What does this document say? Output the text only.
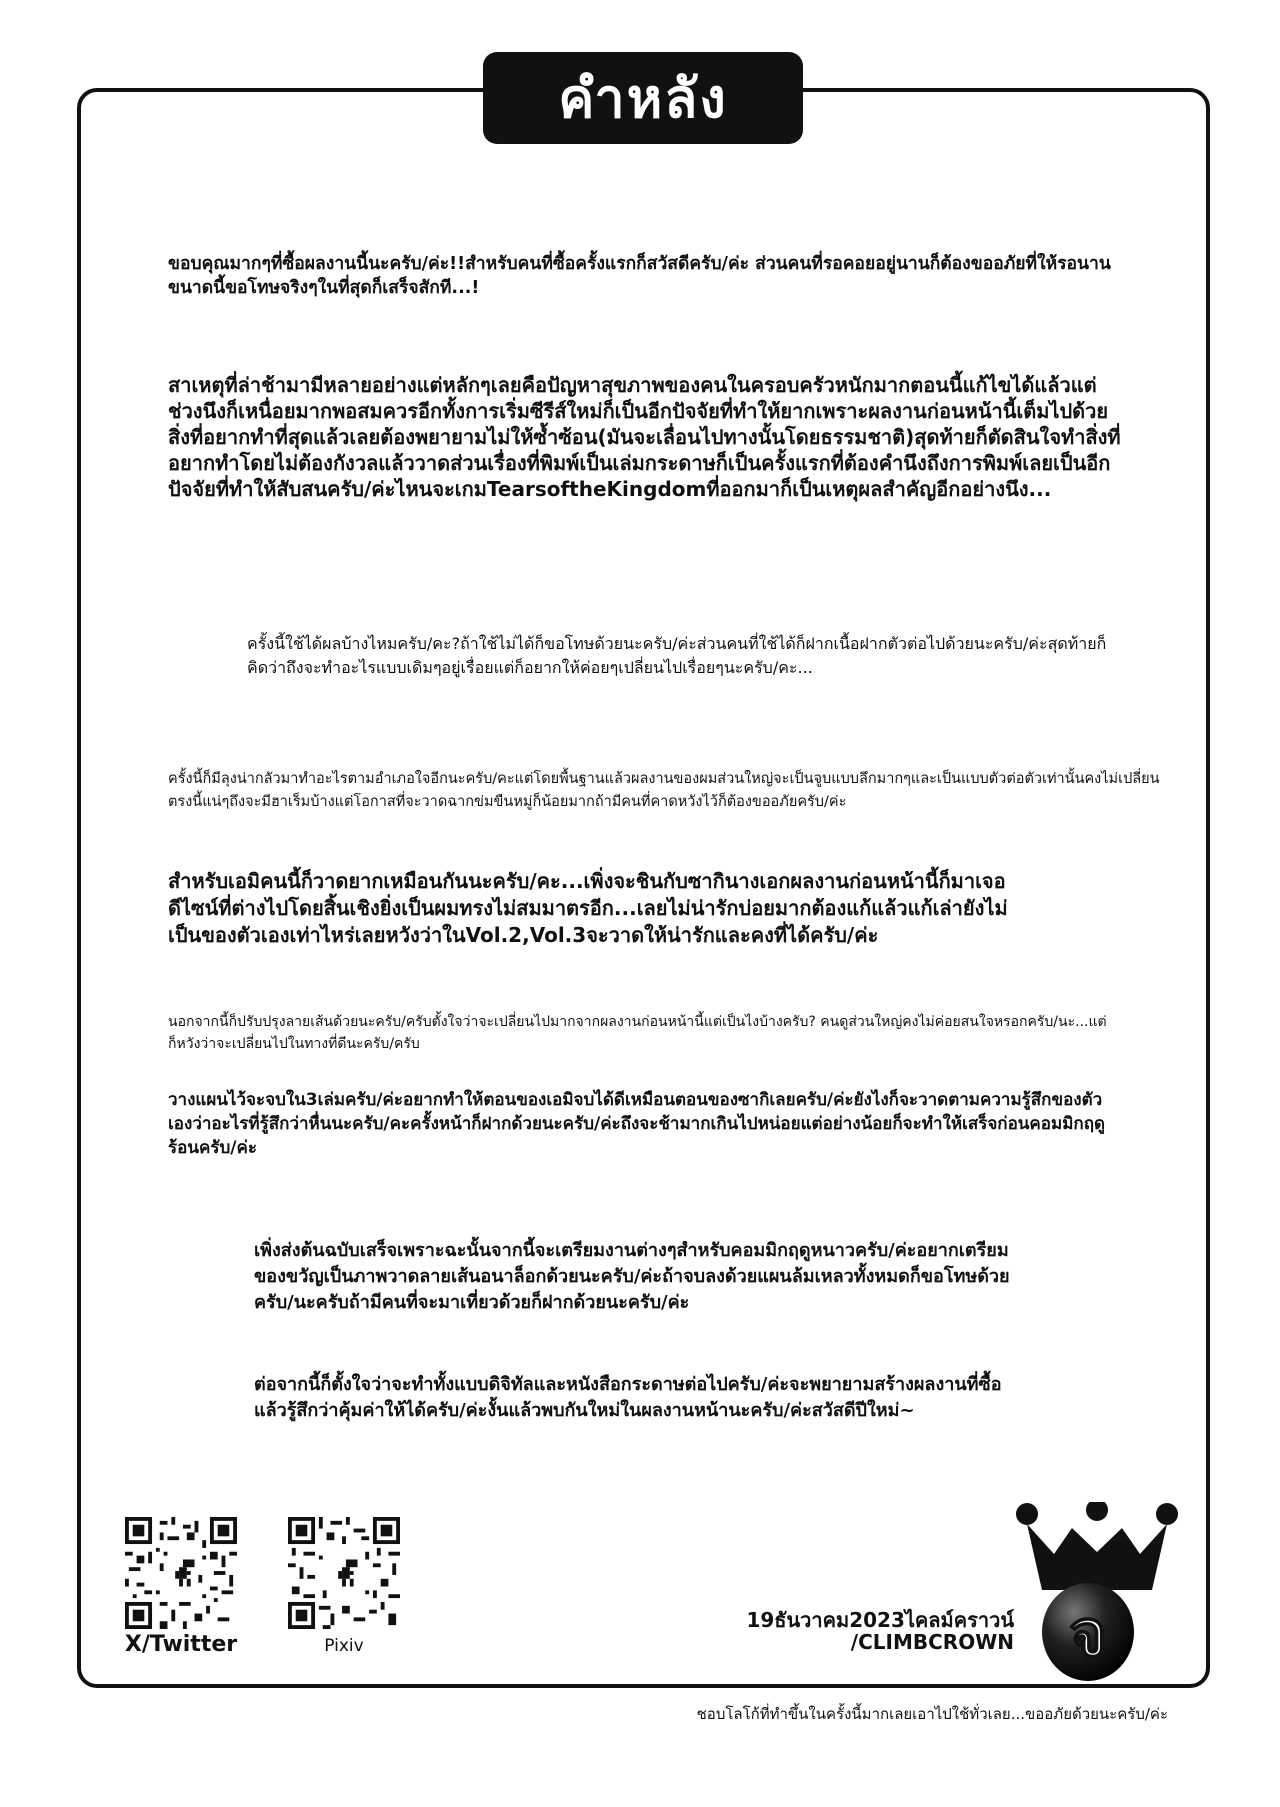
คำหลัง

ขอบคุณมากๆที่ซื้อผลงานนี้นะครับ/ค่ะ!!สำหรับคนที่ซื้อครั้งแรกก็สวัสดีครับ/ค่ะ ส่วนคนที่รอคอยอยู่นานก็ต้องขออภัยที่ให้รอนานขนาดนี้ขอโทษจริงๆในที่สุดก็เสร็จสักที...!

สาเหตุที่ล่าช้ามามีหลายอย่างแต่หลักๆเลยคือปัญหาสุขภาพของคนในครอบครัวหนักมากตอนนี้แก้ไขได้แล้วแต่ช่วงนึงก็เหนื่อยมากพอสมควรอีกทั้งการเริ่มซีรีส์ใหม่ก็เป็นอีกปัจจัยที่ทำให้ยากเพราะผลงานก่อนหน้านี้เต็มไปด้วยสิ่งที่อยากทำที่สุดแล้วเลยต้องพยายามไม่ให้ซ้ำซ้อน(มันจะเลื่อนไปทางนั้นโดยธรรมชาติ)สุดท้ายก็ตัดสินใจทำสิ่งที่อยากทำโดยไม่ต้องกังวลแล้ววาดส่วนเรื่องที่พิมพ์เป็นเล่มกระดาษก็เป็นครั้งแรกที่ต้องคำนึงถึงการพิมพ์เลยเป็นอีกปัจจัยที่ทำให้สับสนครับ/ค่ะไหนจะเกมTearsoftheKingdomที่ออกมาก็เป็นเหตุผลสำคัญอีกอย่างนึง...

ครั้งนี้ใช้ได้ผลบ้างไหมครับ/คะ?ถ้าใช้ไม่ได้ก็ขอโทษด้วยนะครับ/ค่ะส่วนคนที่ใช้ได้ก็ฝากเนื้อฝากตัวต่อไปด้วยนะครับ/ค่ะสุดท้ายก็คิดว่าถึงจะทำอะไรแบบเดิมๆอยู่เรื่อยแต่ก็อยากให้ค่อยๆเปลี่ยนไปเรื่อยๆนะครับ/คะ...

ครั้งนี้ก็มีลุงน่ากลัวมาทำอะไรตามอำเภอใจอีกนะครับ/คะแต่โดยพื้นฐานแล้วผลงานของผมส่วนใหญ่จะเป็นจูบแบบลึกมากๆและเป็นแบบตัวต่อตัวเท่านั้นคงไม่เปลี่ยนตรงนี้แน่ๆถึงจะมีฮาเร็มบ้างแต่โอกาสที่จะวาดฉากข่มขืนหมู่ก็น้อยมากถ้ามีคนที่คาดหวังไว้ก็ต้องขออภัยครับ/ค่ะ

สำหรับเอมิคนนี้ก็วาดยากเหมือนกันนะครับ/คะ...เพิ่งจะชินกับซากินางเอกผลงานก่อนหน้านี้ก็มาเจอดีไซน์ที่ต่างไปโดยสิ้นเชิงยิ่งเป็นผมทรงไม่สมมาตรอีก...เลยไม่น่ารักบ่อยมากต้องแก้แล้วแก้เล่ายังไม่เป็นของตัวเองเท่าไหร่เลยหวังว่าในVol.2,Vol.3จะวาดให้น่ารักและคงที่ได้ครับ/ค่ะ

นอกจากนี้ก็ปรับปรุงลายเส้นด้วยนะครับ/ครับตั้งใจว่าจะเปลี่ยนไปมากจากผลงานก่อนหน้านี้แต่เป็นไงบ้างครับ? คนดูส่วนใหญ่คงไม่ค่อยสนใจหรอกครับ/นะ...แต่ก็หวังว่าจะเปลี่ยนไปในทางที่ดีนะครับ/ครับ

วางแผนไว้จะจบใน3เล่มครับ/ค่ะอยากทำให้ตอนของเอมิจบได้ดีเหมือนตอนของซากิเลยครับ/ค่ะยังไงก็จะวาดตามความรู้สึกของตัวเองว่าอะไรที่รู้สึกว่าหื่นนะครับ/คะครั้งหน้าก็ฝากด้วยนะครับ/ค่ะถึงจะช้ามากเกินไปหน่อยแต่อย่างน้อยก็จะทำให้เสร็จก่อนคอมมิกฤดูร้อนครับ/ค่ะ

เพิ่งส่งต้นฉบับเสร็จเพราะฉะนั้นจากนี้จะเตรียมงานต่างๆสำหรับคอมมิกฤดูหนาวครับ/ค่ะอยากเตรียมของขวัญเป็นภาพวาดลายเส้นอนาล็อกด้วยนะครับ/ค่ะถ้าจบลงด้วยแผนล้มเหลวทั้งหมดก็ขอโทษด้วยครับ/นะครับถ้ามีคนที่จะมาเที่ยวด้วยก็ฝากด้วยนะครับ/ค่ะ

ต่อจากนี้ก็ตั้งใจว่าจะทำทั้งแบบดิจิทัลและหนังสือกระดาษต่อไปครับ/ค่ะจะพยายามสร้างผลงานที่ซื้อแล้วรู้สึกว่าคุ้มค่าให้ได้ครับ/ค่ะงั้นแล้วพบกันใหม่ในผลงานหน้านะครับ/ค่ะสวัสดีปีใหม่~

X/Twitter	Pixiv
19ธันวาคม2023ไคลม์คราวน์
/CLIMBCROWN จ
ชอบโลโก้ที่ทำขึ้นในครั้งนี้มากเลยเอาไปใช้ทั่วเลย...ขออภัยด้วยนะครับ/ค่ะ
